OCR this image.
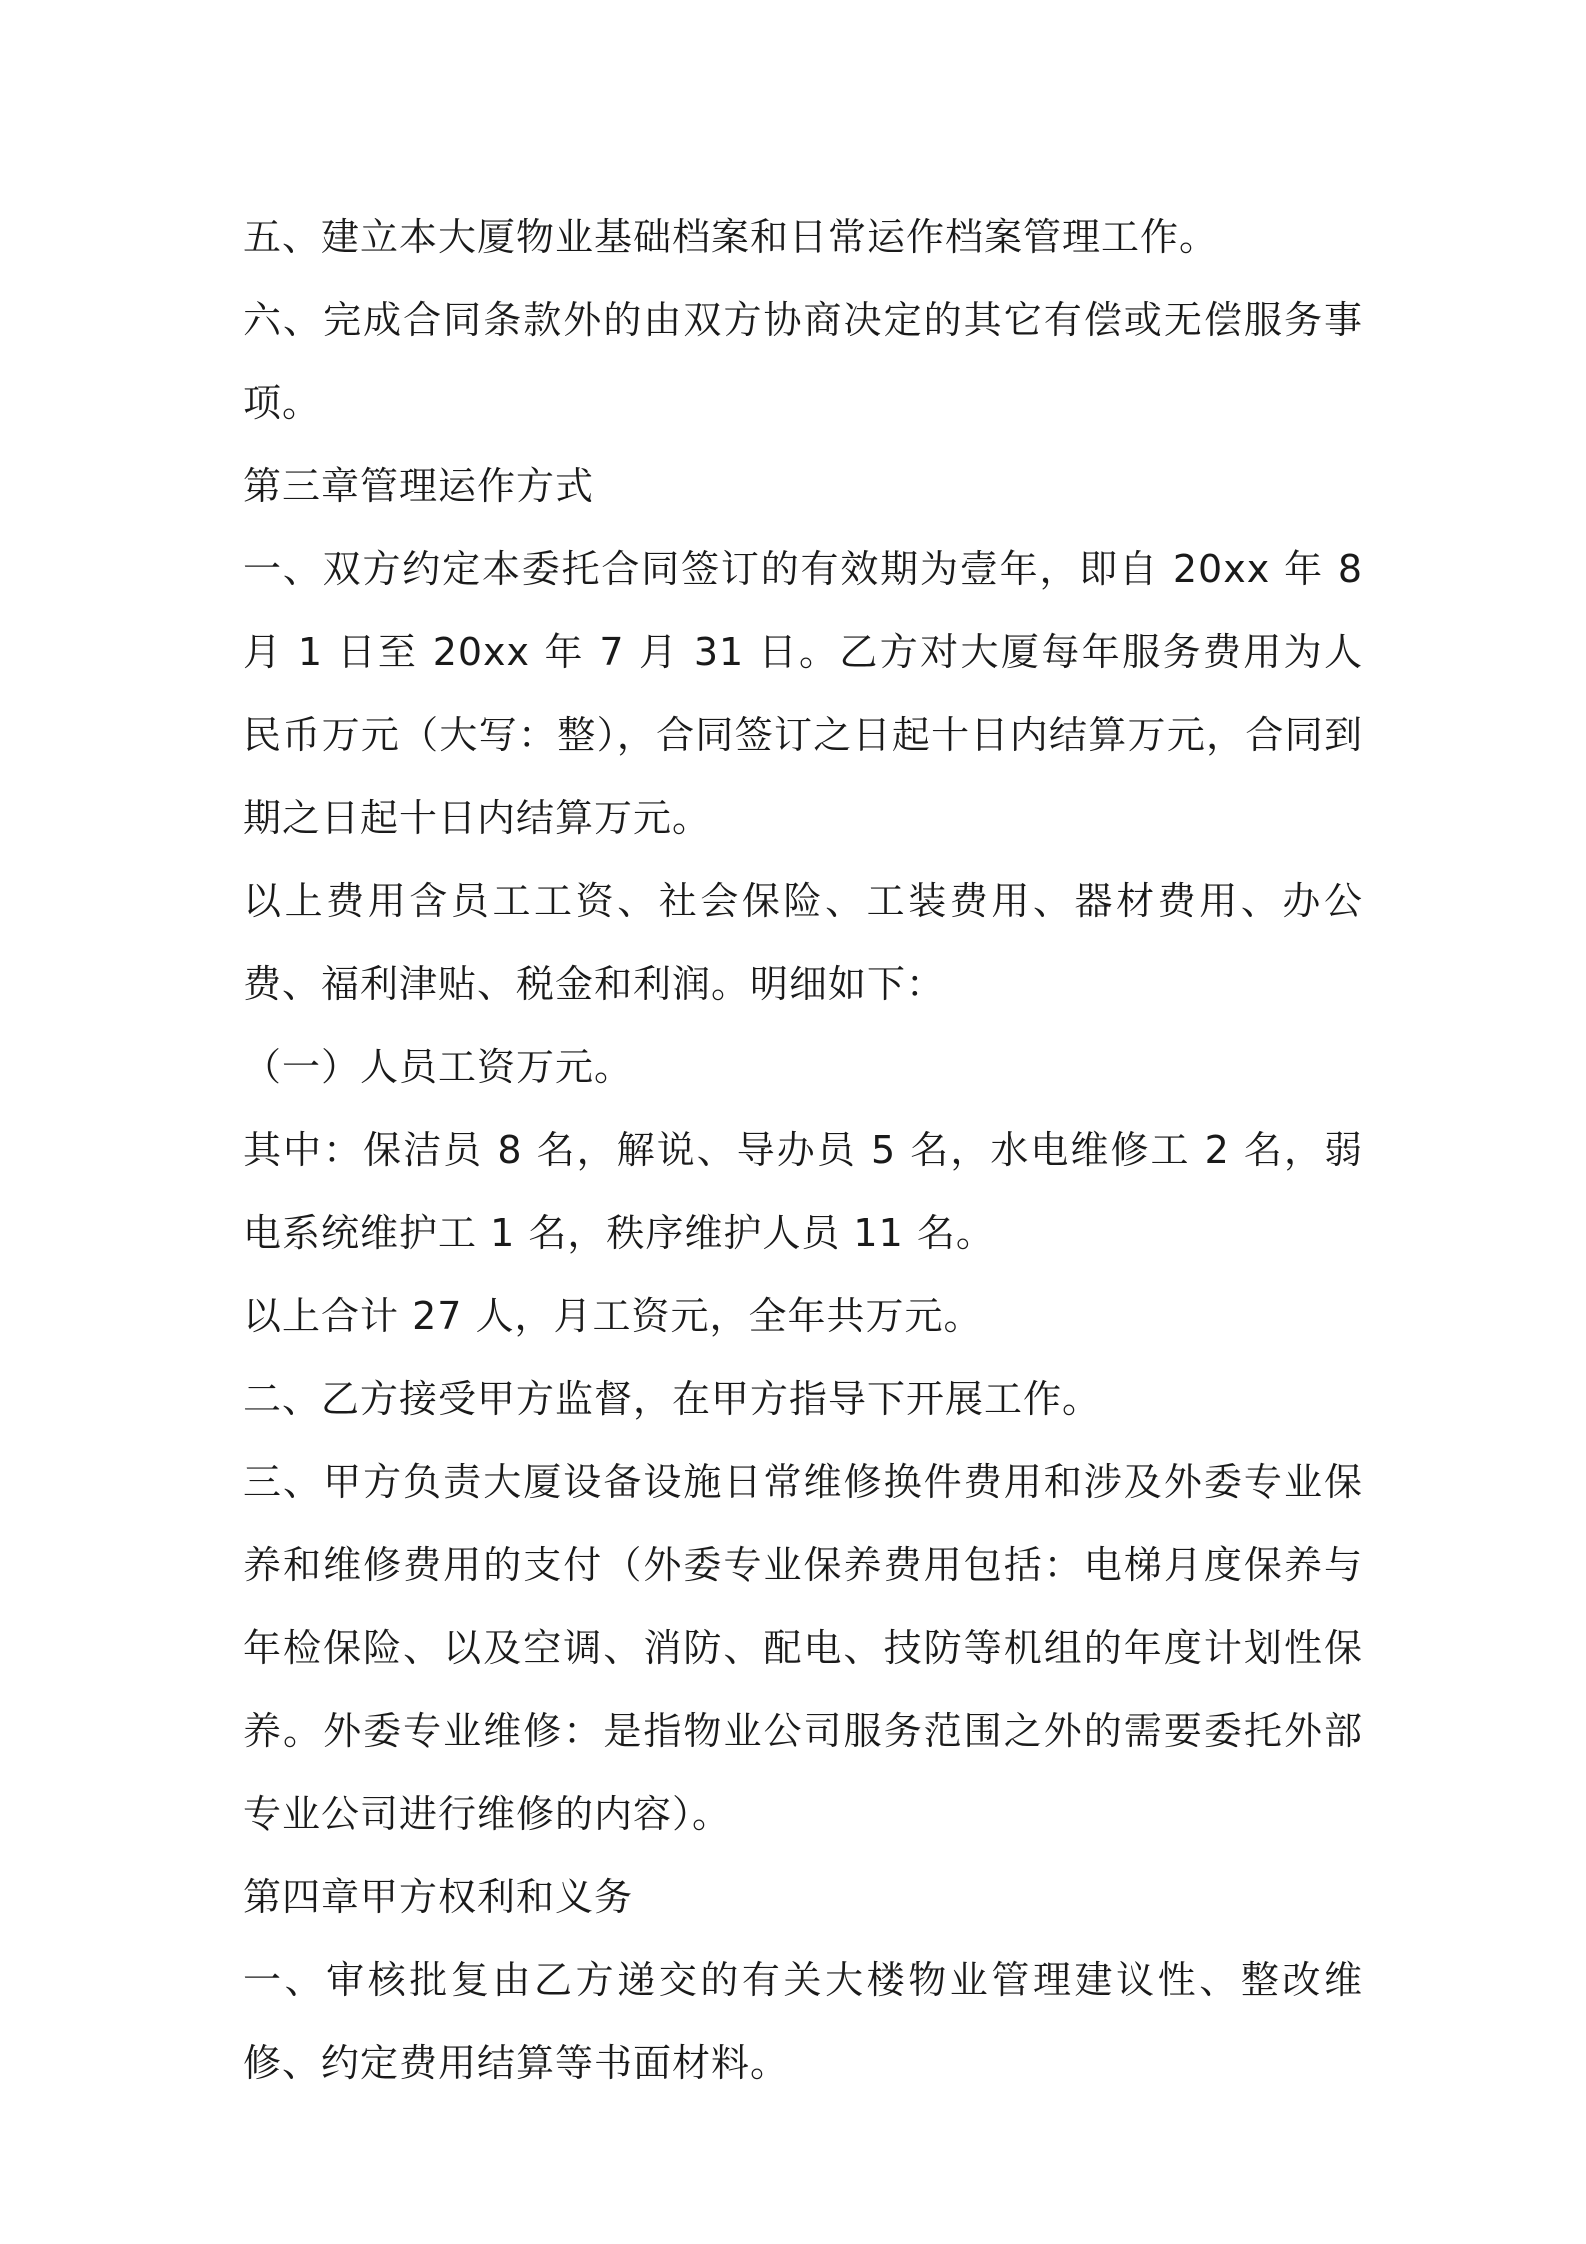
五、建立本大厦物业基础档案和日常运作档案管理工作。

六、完成合同条款外的由双方协商决定的其它有偿或无偿服务事项。

第三章管理运作方式

一、双方约定本委托合同签订的有效期为壹年，即自 20xx 年 8 月 1 日至 20xx 年 7 月 31 日。乙方对大厦每年服务费用为人民币万元（大写：整），合同签订之日起十日内结算万元，合同到期之日起十日内结算万元。

以上费用含员工工资、社会保险、工装费用、器材费用、办公费、福利津贴、税金和利润。明细如下：

（一）人员工资万元。

其中：保洁员 8 名，解说、导办员 5 名，水电维修工 2 名，弱电系统维护工 1 名，秩序维护人员 11 名。

以上合计 27 人，月工资元，全年共万元。

二、乙方接受甲方监督，在甲方指导下开展工作。

三、甲方负责大厦设备设施日常维修换件费用和涉及外委专业保养和维修费用的支付（外委专业保养费用包括：电梯月度保养与年检保险、以及空调、消防、配电、技防等机组的年度计划性保养。外委专业维修：是指物业公司服务范围之外的需要委托外部专业公司进行维修的内容）。

第四章甲方权利和义务

一、审核批复由乙方递交的有关大楼物业管理建议性、整改维修、约定费用结算等书面材料。
